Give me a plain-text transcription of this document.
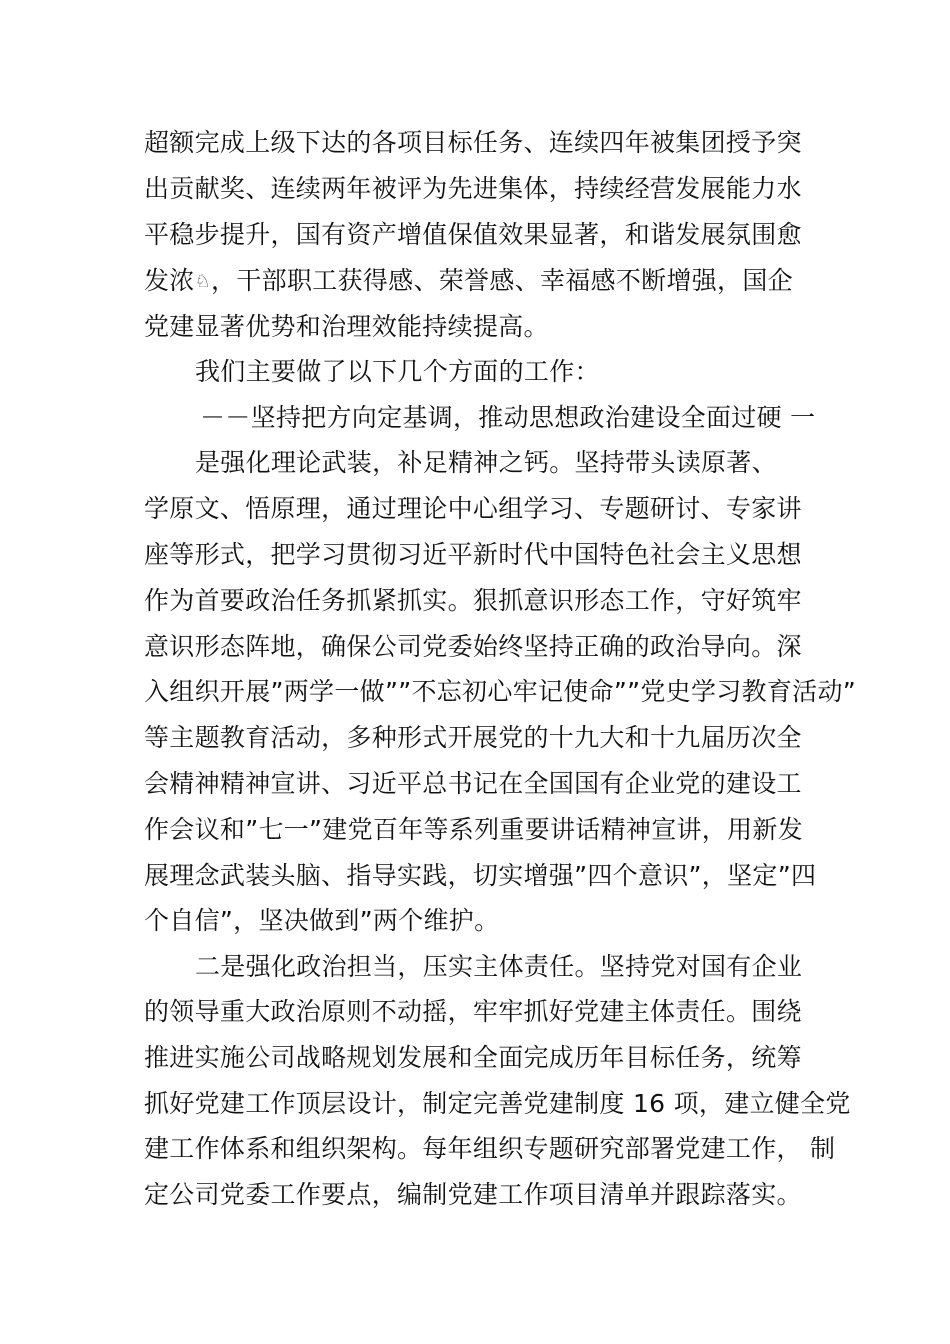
超额完成上级下达的各项目标任务、连续四年被集团授予突
出贡献奖、连续两年被评为先进集体，持续经营发展能力水
平稳步提升，国有资产增值保值效果显著，和谐发展氛围愈
发浓♘，干部职工获得感、荣誉感、幸福感不断增强，国企
党建显著优势和治理效能持续提高。
我们主要做了以下几个方面的工作：
－－坚持把方向定基调，推动思想政治建设全面过硬 一
是强化理论武装，补足精神之钙。坚持带头读原著、
学原文、悟原理，通过理论中心组学习、专题研讨、专家讲
座等形式，把学习贯彻习近平新时代中国特色社会主义思想
作为首要政治任务抓紧抓实。狠抓意识形态工作，守好筑牢
意识形态阵地，确保公司党委始终坚持正确的政治导向。深
入组织开展”两学一做””不忘初心牢记使命””党史学习教育活动”
等主题教育活动，多种形式开展党的十九大和十九届历次全
会精神精神宣讲、习近平总书记在全国国有企业党的建设工
作会议和”七一”建党百年等系列重要讲话精神宣讲，用新发
展理念武装头脑、指导实践，切实增强”四个意识”，坚定”四
个自信”，坚决做到”两个维护。
二是强化政治担当，压实主体责任。坚持党对国有企业
的领导重大政治原则不动摇，牢牢抓好党建主体责任。围绕
推进实施公司战略规划发展和全面完成历年目标任务，统筹
抓好党建工作顶层设计，制定完善党建制度 16 项，建立健全党
建工作体系和组织架构。每年组织专题研究部署党建工作， 制
定公司党委工作要点，编制党建工作项目清单并跟踪落实。
